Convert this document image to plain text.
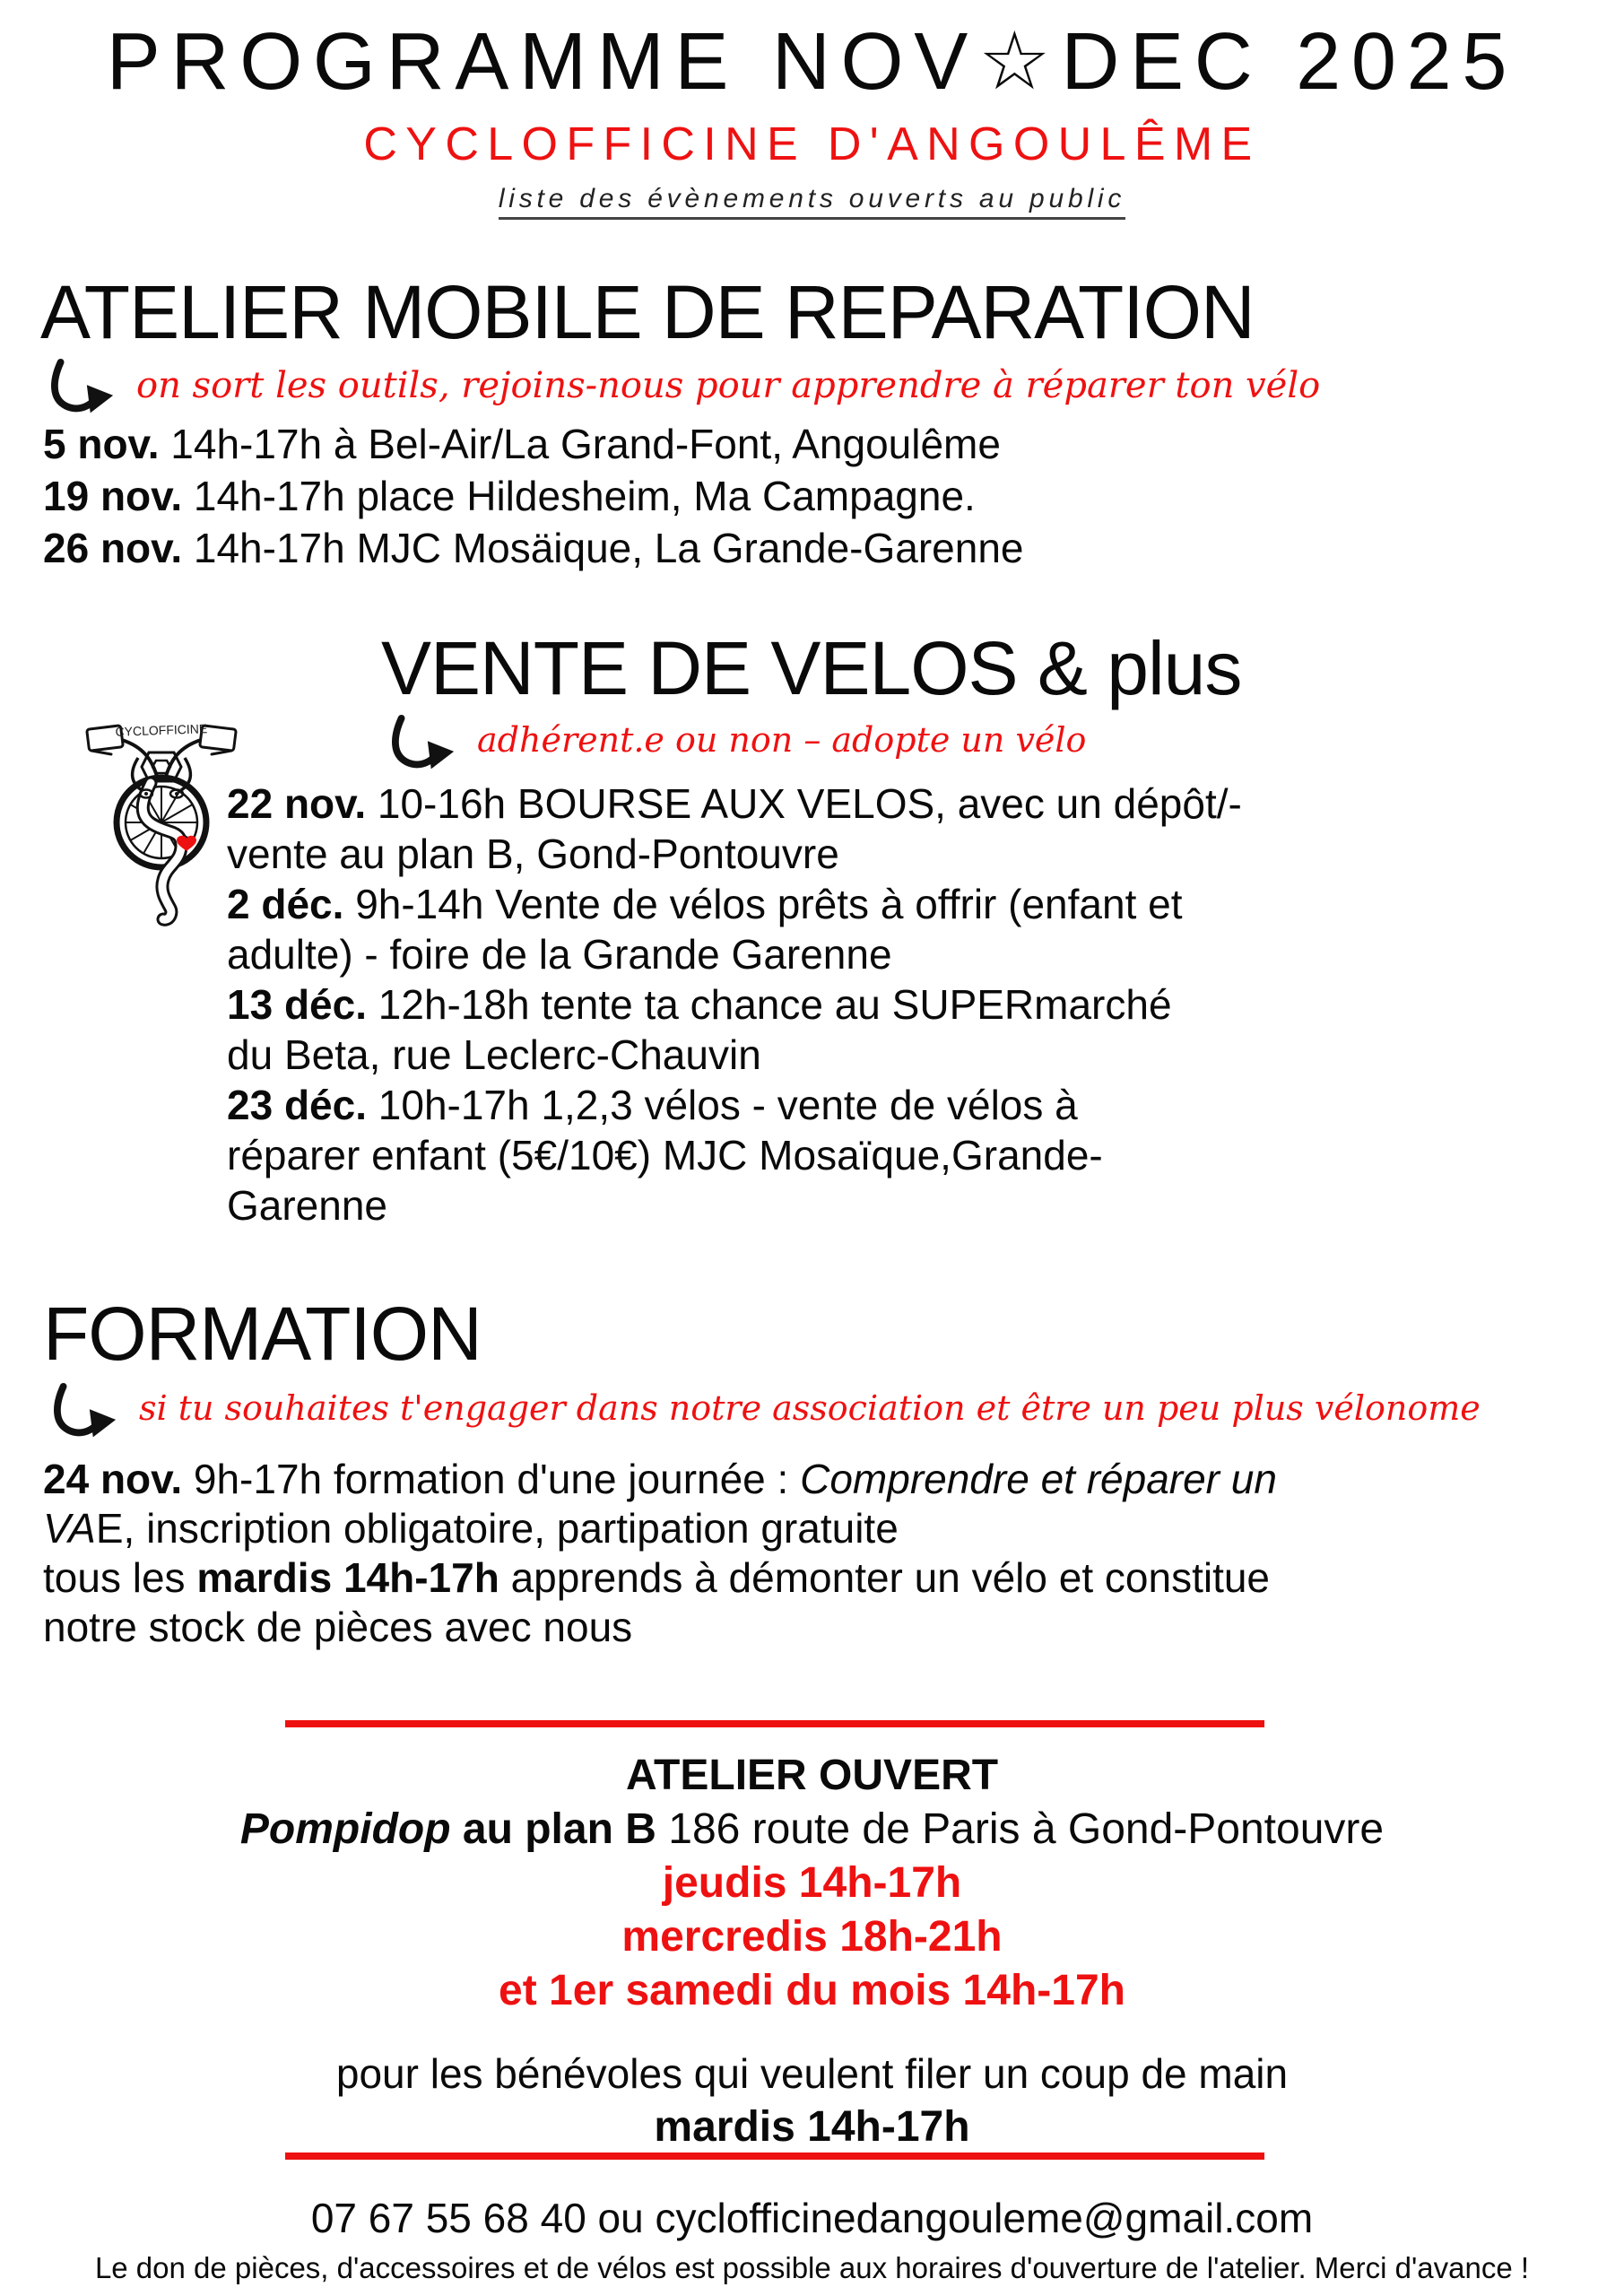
PROGRAMME NOV☆DEC 2025
CYCLOFFICINE D'ANGOULÊME
liste des évènements ouverts au public
ATELIER MOBILE DE REPARATION
on sort les outils, rejoins-nous pour apprendre à réparer ton vélo
5 nov. 14h-17h à Bel-Air/La Grand-Font, Angoulême
19 nov. 14h-17h place Hildesheim, Ma Campagne.
26 nov. 14h-17h MJC Mosäique, La Grande-Garenne
VENTE DE VELOS & plus
adhérent.e ou non – adopte un vélo
CYCLOFFICINE
22 nov. 10-16h BOURSE AUX VELOS, avec un dépôt/-
vente au plan B, Gond-Pontouvre
2 déc. 9h-14h Vente de vélos prêts à offrir (enfant et
adulte) - foire de la Grande Garenne
13 déc. 12h-18h tente ta chance au SUPERmarché
du Beta, rue Leclerc-Chauvin
23 déc. 10h-17h 1,2,3 vélos - vente de vélos à
réparer enfant (5€/10€) MJC Mosaïque,Grande-
Garenne
FORMATION
si tu souhaites t'engager dans notre association et être un peu plus vélonome
24 nov. 9h-17h formation d'une journée : Comprendre et réparer un
VAE, inscription obligatoire, partipation gratuite
tous les mardis 14h-17h apprends à démonter un vélo et constitue
notre stock de pièces avec nous
ATELIER OUVERT
Pompidop au plan B 186 route de Paris à Gond-Pontouvre
jeudis 14h-17h
mercredis 18h-21h
et 1er samedi du mois 14h-17h
pour les bénévoles qui veulent filer un coup de main
mardis 14h-17h
07 67 55 68 40 ou cyclofficinedangouleme@gmail.com
Le don de pièces, d'accessoires et de vélos est possible aux horaires d'ouverture de l'atelier. Merci d'avance !
